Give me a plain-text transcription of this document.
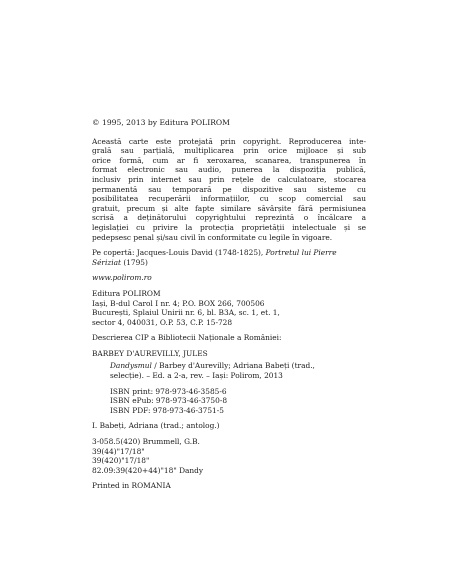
© 1995, 2013 by Editura POLIROM

Această carte este protejată prin copyright. Reproducerea inte-
grală sau parțială, multiplicarea prin orice mijloace și sub
orice formă, cum ar fi xeroxarea, scanarea, transpunerea în
format electronic sau audio, punerea la dispoziția publică,
inclusiv prin internet sau prin rețele de calculatoare, stocarea
permanentă sau temporară pe dispozitive sau sisteme cu
posibilitatea recuperării informațiilor, cu scop comercial sau
gratuit, precum și alte fapte similare săvârșite fără permisiunea
scrisă a deținătorului copyrightului reprezintă o încălcare a
legislației cu privire la protecția proprietății intelectuale și se
pedepsesc penal și/sau civil în conformitate cu legile în vigoare.

Pe copertă: Jacques-Louis David (1748-1825), Portretul lui Pierre
Sériziat (1795)

www.polirom.ro

Editura POLIROM
Iași, B-dul Carol I nr. 4; P.O. BOX 266, 700506
București, Splaiul Unirii nr. 6, bl. B3A, sc. 1, et. 1,
sector 4, 040031, O.P. 53, C.P. 15-728

Descrierea CIP a Bibliotecii Naționale a României:

BARBEY D'AUREVILLY, JULES

Dandysmul / Barbey d'Aurevilly; Adriana Babeți (trad.,
selecție). – Ed. a 2-a, rev. – Iași: Polirom, 2013

ISBN print: 978-973-46-3585-6
ISBN ePub: 978-973-46-3750-8
ISBN PDF: 978-973-46-3751-5

I. Babeți, Adriana (trad.; antolog.)

3-058.5(420) Brummell, G.B.
39(44)"17/18"
39(420)"17/18"
82.09:39(420+44)"18" Dandy

Printed in ROMANIA
